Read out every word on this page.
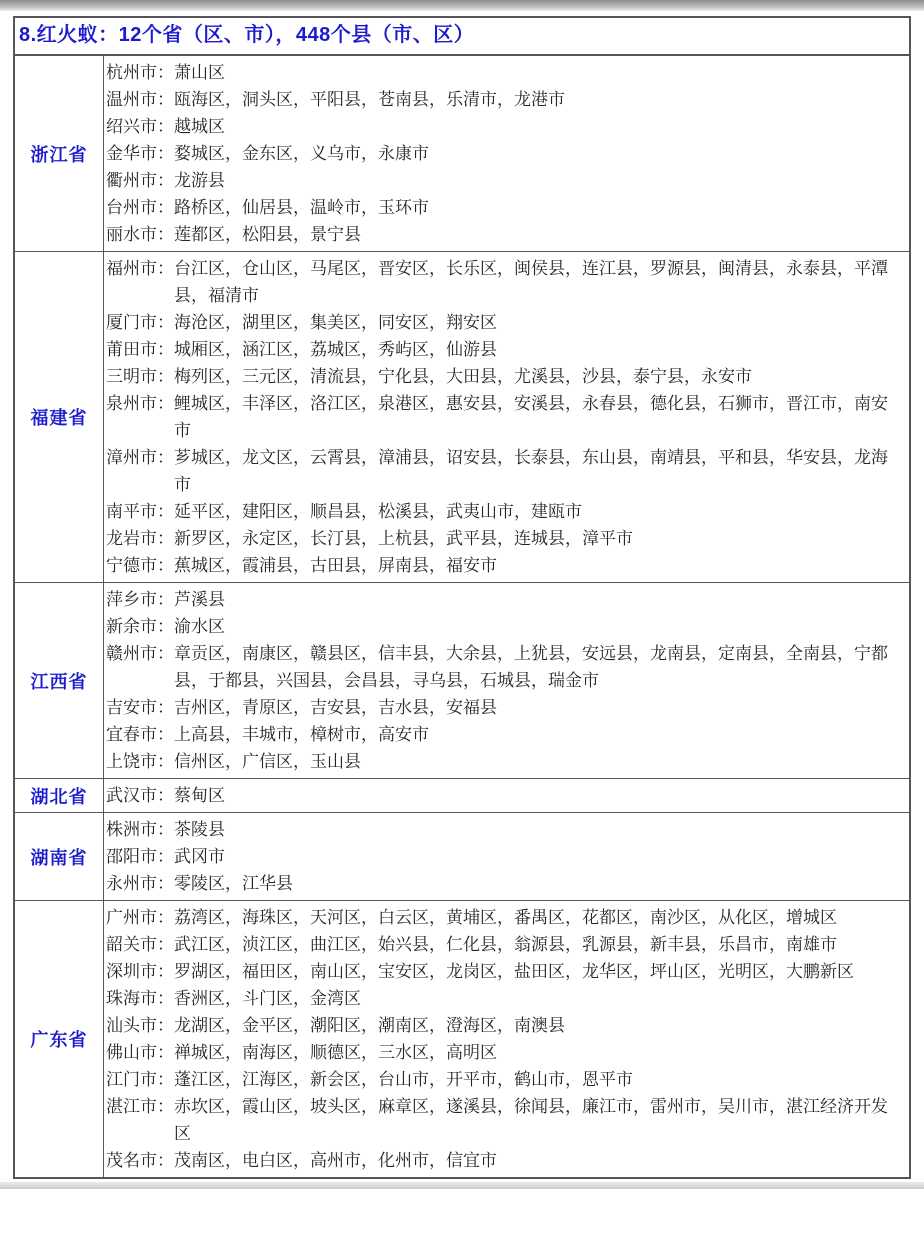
8.红火蚁：12个省（区、市），448个县（市、区）
浙江省
杭州市：萧山区
温州市：瓯海区，洞头区，平阳县，苍南县，乐清市，龙港市
绍兴市：越城区
金华市：婺城区，金东区，义乌市，永康市
衢州市：龙游县
台州市：路桥区，仙居县，温岭市，玉环市
丽水市：莲都区，松阳县，景宁县
福建省
福州市：台江区，仓山区，马尾区，晋安区，长乐区，闽侯县，连江县，罗源县，闽清县，永泰县，平潭县，福清市
厦门市：海沧区，湖里区，集美区，同安区，翔安区
莆田市：城厢区，涵江区，荔城区，秀屿区，仙游县
三明市：梅列区，三元区，清流县，宁化县，大田县，尤溪县，沙县，泰宁县，永安市
泉州市：鲤城区，丰泽区，洛江区，泉港区，惠安县，安溪县，永春县，德化县，石狮市，晋江市，南安市
漳州市：芗城区，龙文区，云霄县，漳浦县，诏安县，长泰县，东山县，南靖县，平和县，华安县，龙海市
南平市：延平区，建阳区，顺昌县，松溪县，武夷山市，建瓯市
龙岩市：新罗区，永定区，长汀县，上杭县，武平县，连城县，漳平市
宁德市：蕉城区，霞浦县，古田县，屏南县，福安市
江西省
萍乡市：芦溪县
新余市：渝水区
赣州市：章贡区，南康区，赣县区，信丰县，大余县，上犹县，安远县，龙南县，定南县，全南县，宁都县，于都县，兴国县，会昌县，寻乌县，石城县，瑞金市
吉安市：吉州区，青原区，吉安县，吉水县，安福县
宜春市：上高县，丰城市，樟树市，高安市
上饶市：信州区，广信区，玉山县
湖北省	武汉市：蔡甸区
湖南省
株洲市：茶陵县
邵阳市：武冈市
永州市：零陵区，江华县
广东省
广州市：荔湾区，海珠区，天河区，白云区，黄埔区，番禺区，花都区，南沙区，从化区，增城区
韶关市：武江区，浈江区，曲江区，始兴县，仁化县，翁源县，乳源县，新丰县，乐昌市，南雄市
深圳市：罗湖区，福田区，南山区，宝安区，龙岗区，盐田区，龙华区，坪山区，光明区，大鹏新区
珠海市：香洲区，斗门区，金湾区
汕头市：龙湖区，金平区，潮阳区，潮南区，澄海区，南澳县
佛山市：禅城区，南海区，顺德区，三水区，高明区
江门市：蓬江区，江海区，新会区，台山市，开平市，鹤山市，恩平市
湛江市：赤坎区，霞山区，坡头区，麻章区，遂溪县，徐闻县，廉江市，雷州市，吴川市，湛江经济开发区
茂名市：茂南区，电白区，高州市，化州市，信宜市
